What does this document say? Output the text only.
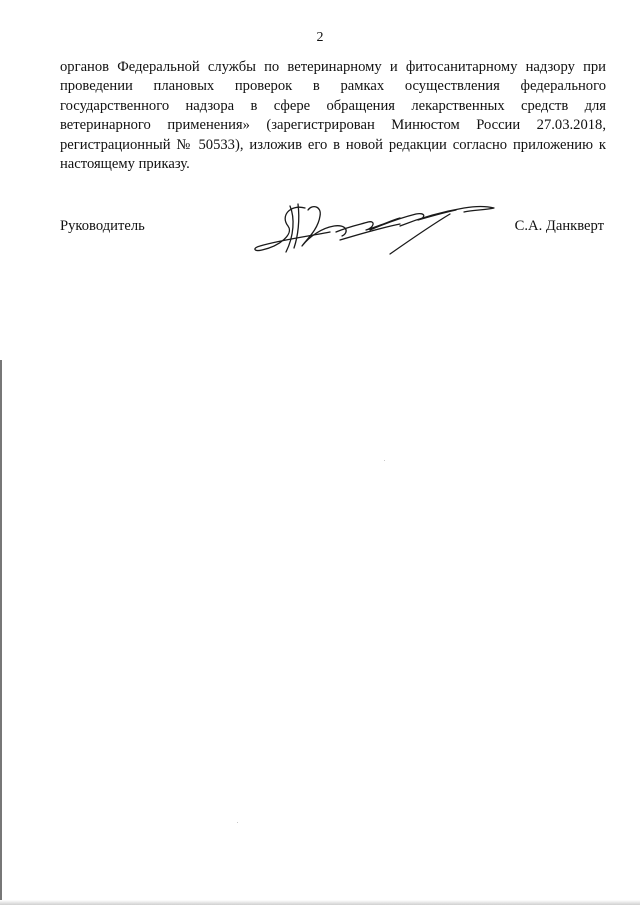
2

органов Федеральной службы по ветеринарному и фитосанитарному надзору при проведении плановых проверок в рамках осуществления федерального государственного надзора в сфере обращения лекарственных средств для ветеринарного применения» (зарегистрирован Минюстом России 27.03.2018, регистрационный № 50533), изложив его в новой редакции согласно приложению к настоящему приказу.

Руководитель	С.А. Данкверт
